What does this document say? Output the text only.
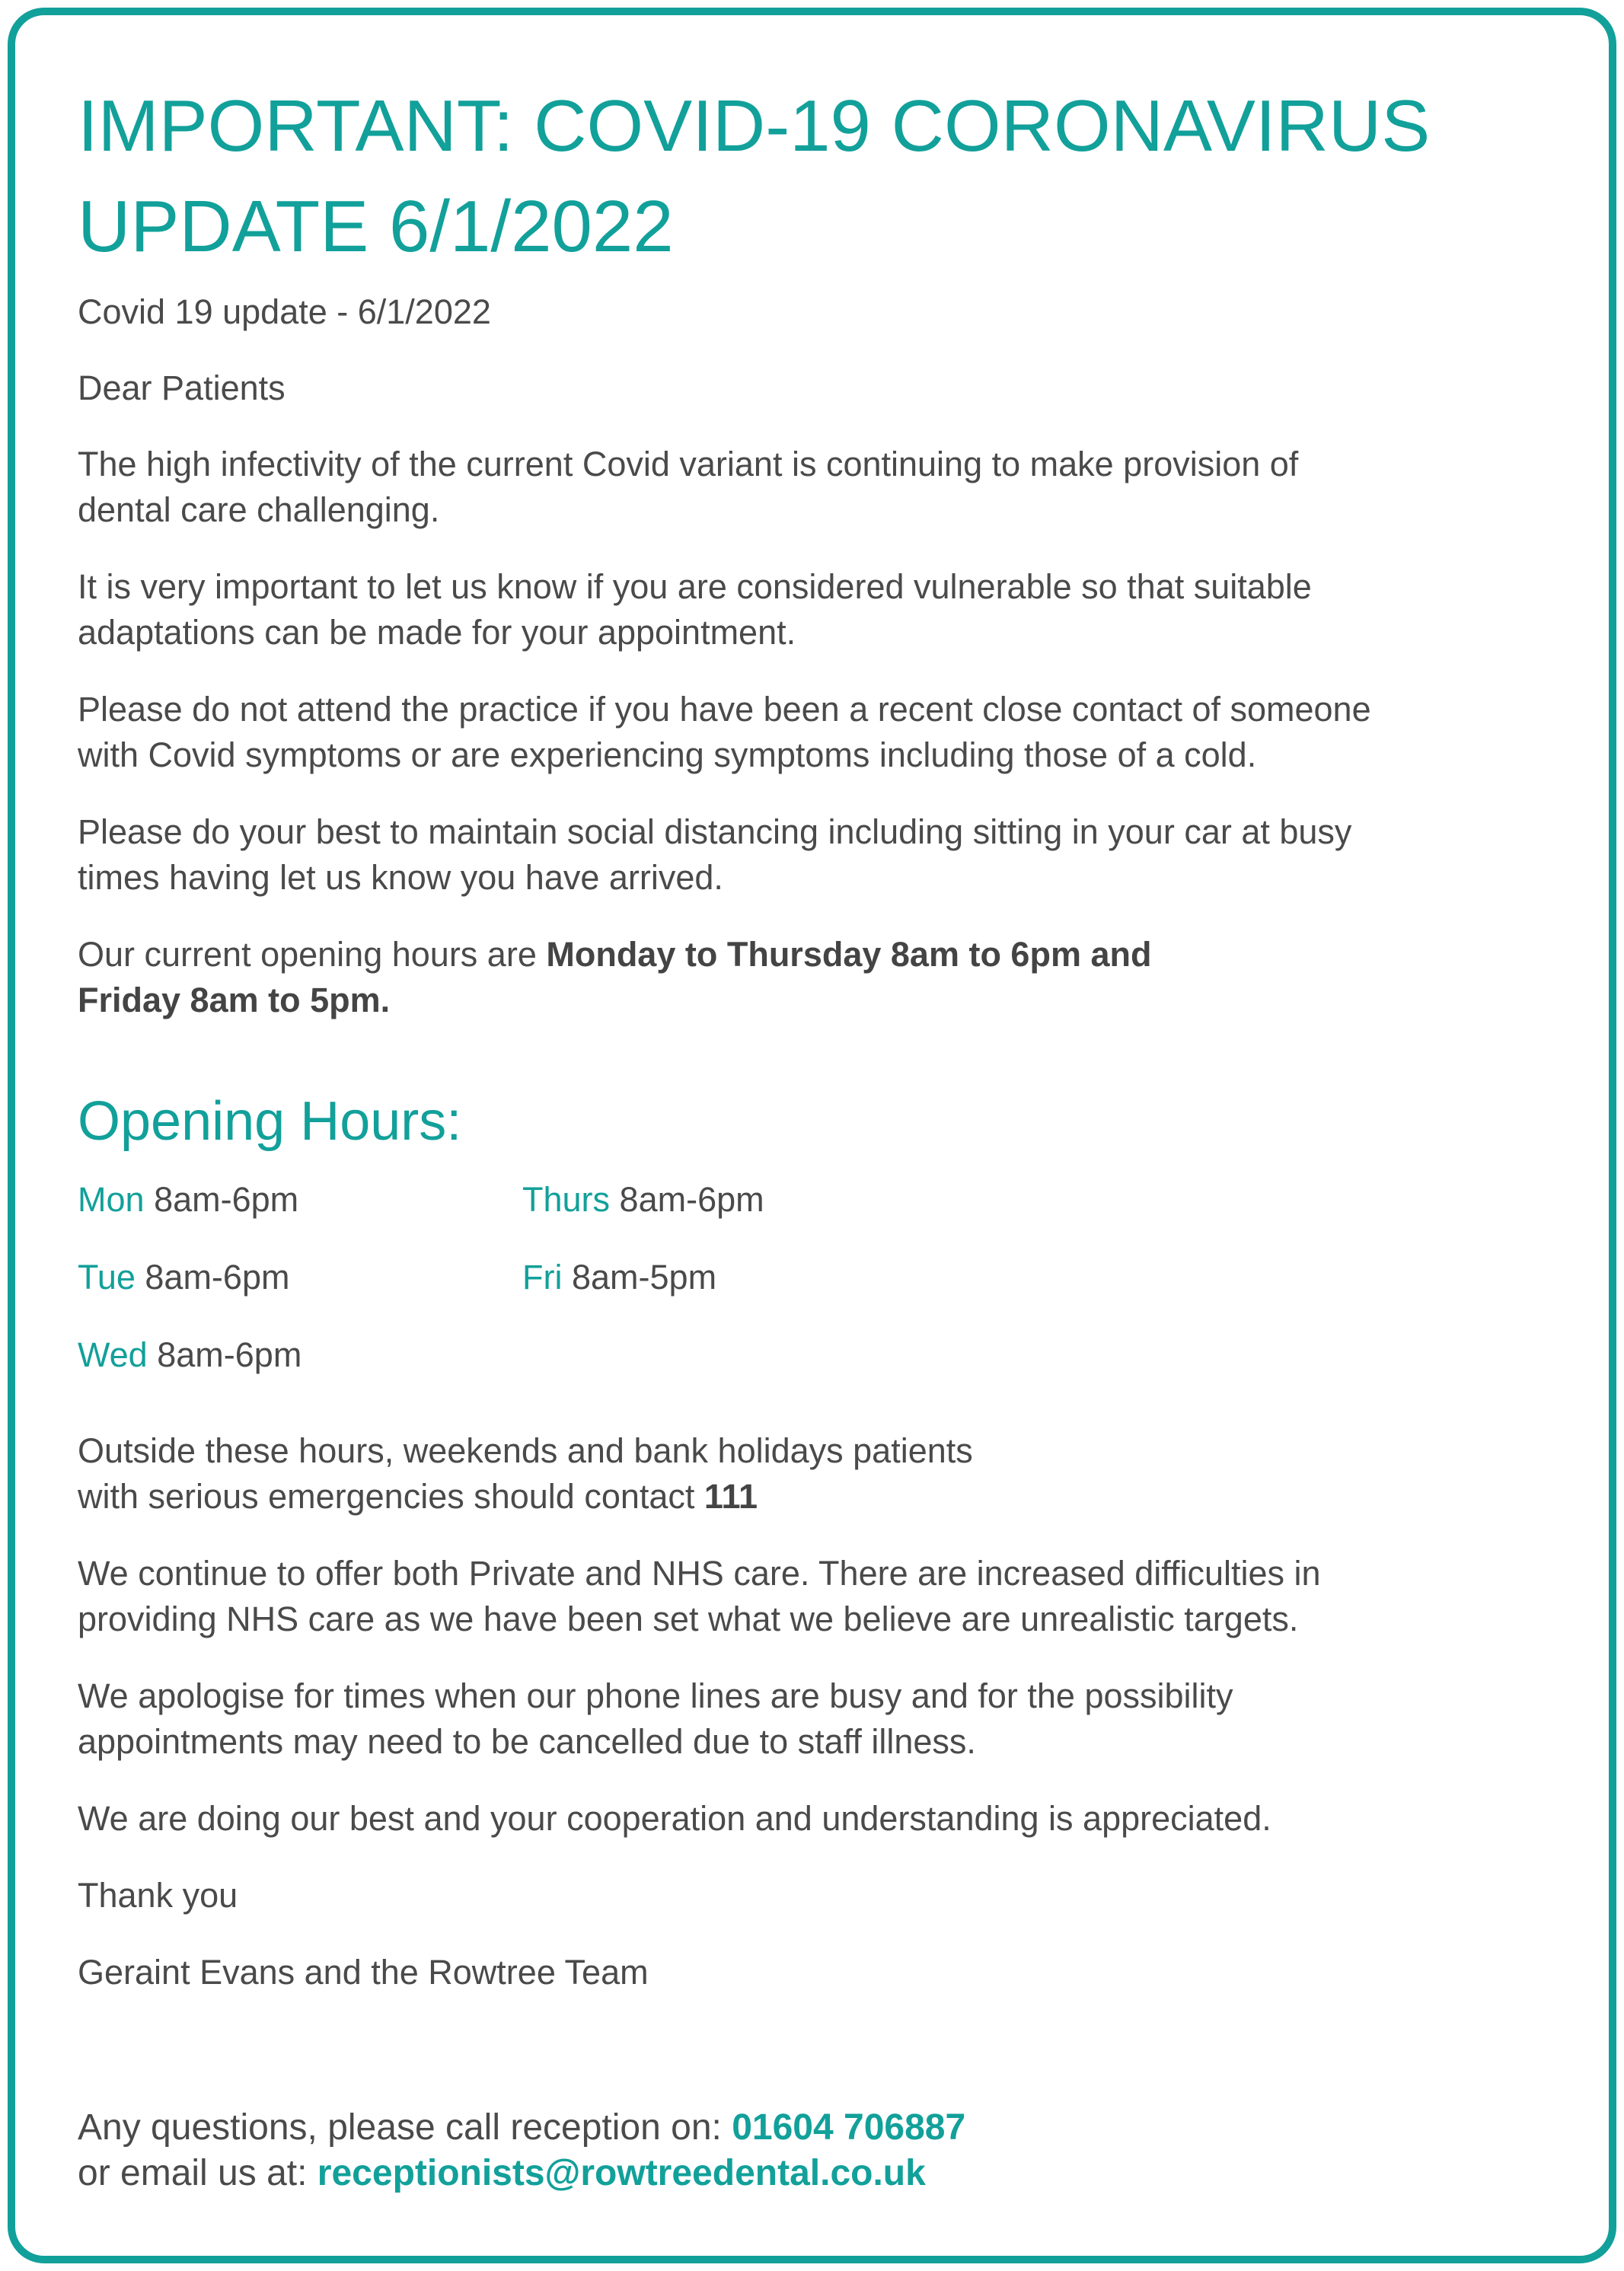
IMPORTANT: COVID-19 CORONAVIRUS
UPDATE 6/1/2022

Covid 19 update - 6/1/2022

Dear Patients

The high infectivity of the current Covid variant is continuing to make provision of
dental care challenging.

It is very important to let us know if you are considered vulnerable so that suitable
adaptations can be made for your appointment.

Please do not attend the practice if you have been a recent close contact of someone
with Covid symptoms or are experiencing symptoms including those of a cold.

Please do your best to maintain social distancing including sitting in your car at busy
times having let us know you have arrived.

Our current opening hours are Monday to Thursday 8am to 6pm and
Friday 8am to 5pm.

Opening Hours:
Mon 8am-6pm	Thurs 8am-6pm
Tue 8am-6pm	Fri 8am-5pm
Wed 8am-6pm

Outside these hours, weekends and bank holidays patients
with serious emergencies should contact 111

We continue to offer both Private and NHS care. There are increased difficulties in
providing NHS care as we have been set what we believe are unrealistic targets.

We apologise for times when our phone lines are busy and for the possibility
appointments may need to be cancelled due to staff illness.

We are doing our best and your cooperation and understanding is appreciated.

Thank you

Geraint Evans and the Rowtree Team

Any questions, please call reception on: 01604 706887
or email us at: receptionists@rowtreedental.co.uk
